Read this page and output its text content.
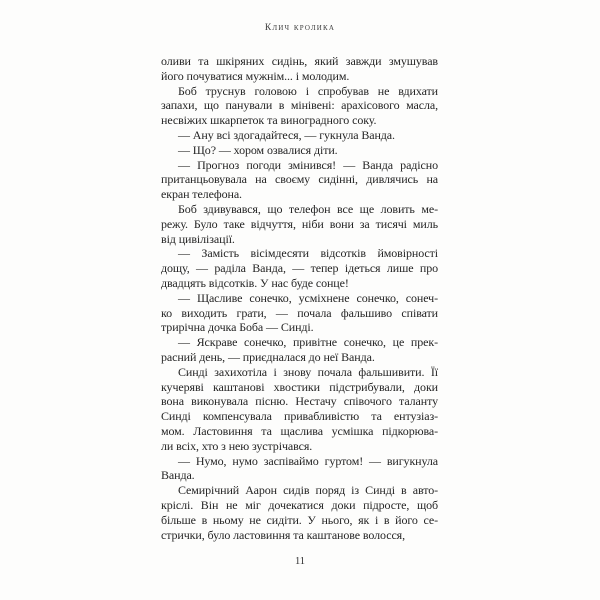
Клич кролика
оливи та шкіряних сидінь, який завжди змушував
його почуватися мужнім... і молодим.
Боб труснув головою і спробував не вдихати
запахи, що панували в мінівені: арахісового масла,
несвіжих шкарпеток та виноградного соку.
— Ану всі здогадайтеся, — гукнула Ванда.
— Що? — хором озвалися діти.
— Прогноз погоди змінився! — Ванда радісно
пританцьовувала на своєму сидінні, дивлячись на
екран телефона.
Боб здивувався, що телефон все ще ловить ме-
режу. Було таке відчуття, ніби вони за тисячі миль
від цивілізації.
— Замість вісімдесяти відсотків ймовірності
дощу, — раділа Ванда, — тепер ідеться лише про
двадцять відсотків. У нас буде сонце!
— Щасливе сонечко, усміхнене сонечко, сонеч-
ко виходить грати, — почала фальшиво співати
трирічна дочка Боба — Синді.
— Яскраве сонечко, привітне сонечко, це прек-
расний день, — приєдналася до неї Ванда.
Синді захихотіла і знову почала фальшивити. Її
кучеряві каштанові хвостики підстрибували, доки
вона виконувала пісню. Нестачу співочого таланту
Синді компенсувала привабливістю та ентузіаз-
мом. Ластовиння та щаслива усмішка підкорюва-
ли всіх, хто з нею зустрічався.
— Нумо, нумо заспіваймо гуртом! — вигукнула
Ванда.
Семирічний Аарон сидів поряд із Синді в авто-
кріслі. Він не міг дочекатися доки підросте, щоб
більше в ньому не сидіти. У нього, як і в його се-
стрички, було ластовиння та каштанове волосся,
11
